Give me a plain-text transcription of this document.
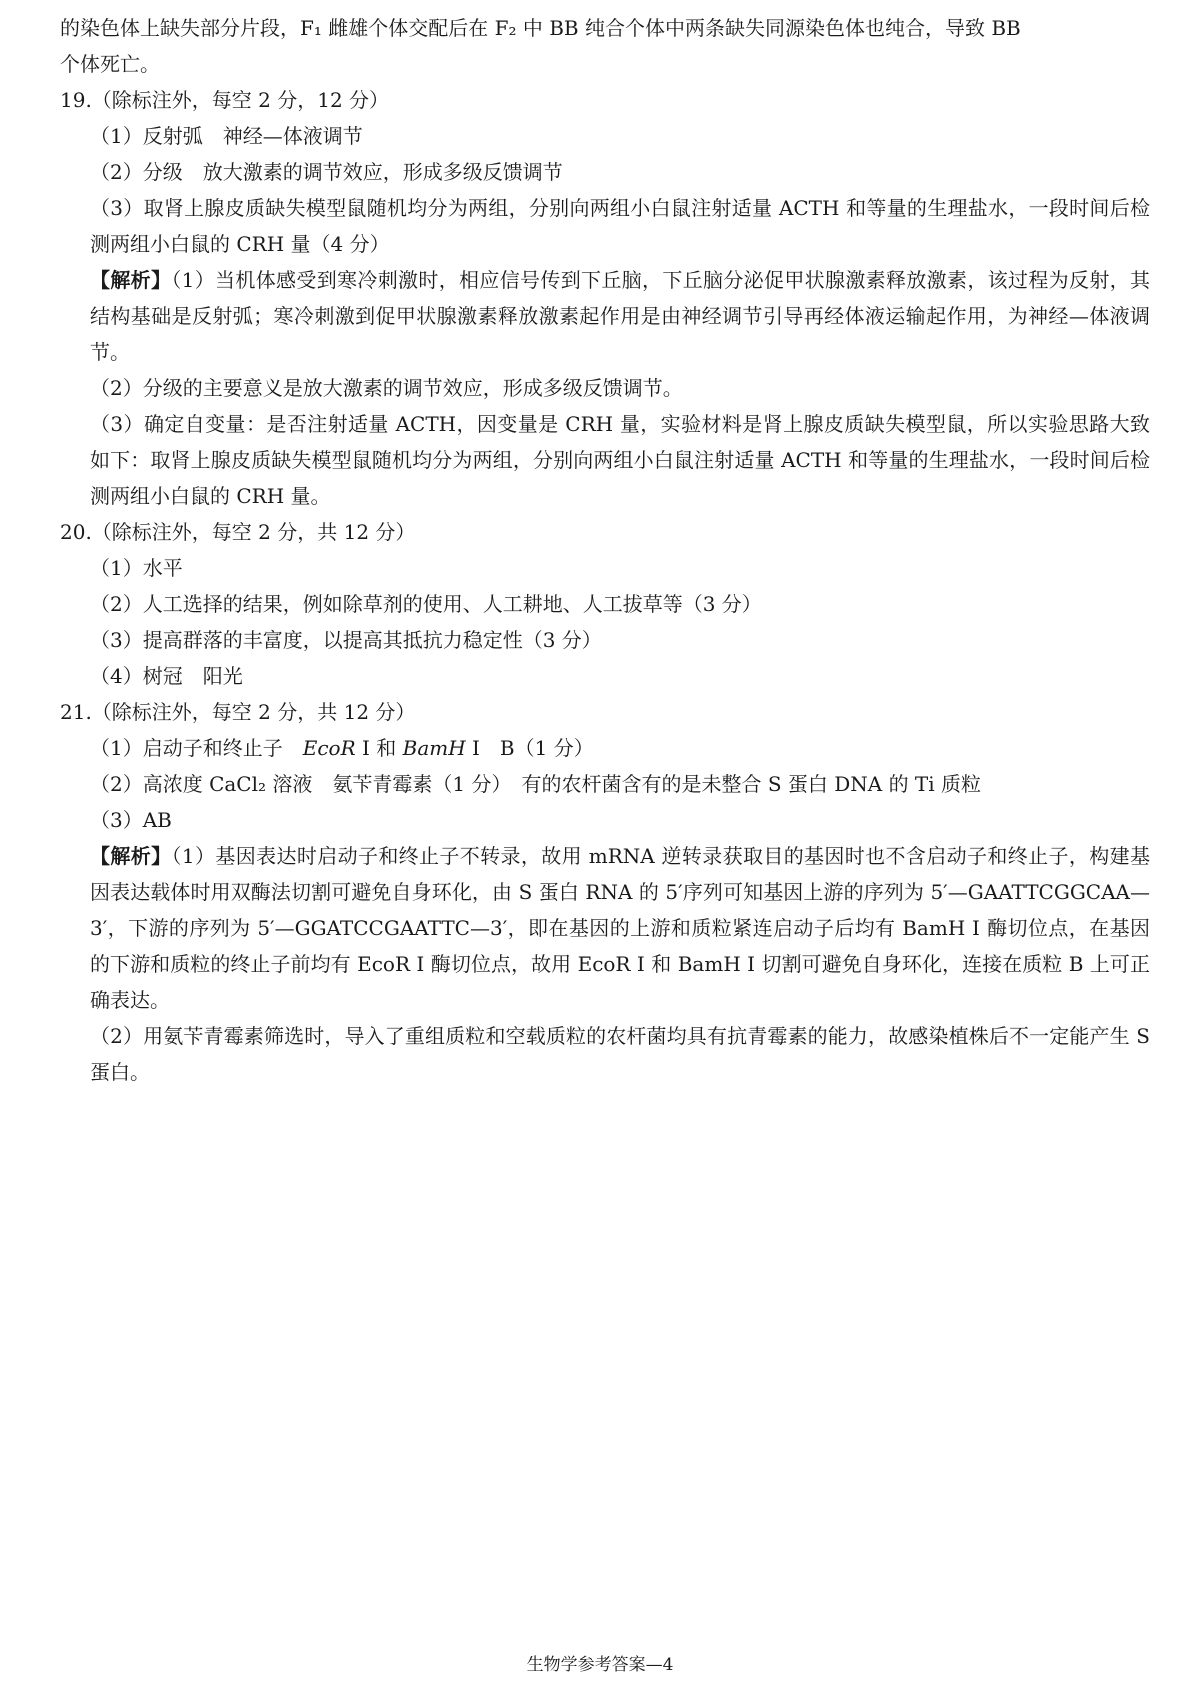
的染色体上缺失部分片段，F₁ 雌雄个体交配后在 F₂ 中 BB 纯合个体中两条缺失同源染色体也纯合，导致 BB
个体死亡。
19.（除标注外，每空 2 分，12 分）
（1）反射弧　神经—体液调节
（2）分级　放大激素的调节效应，形成多级反馈调节
（3）取肾上腺皮质缺失模型鼠随机均分为两组，分别向两组小白鼠注射适量 ACTH 和等量的生理盐水，一段时间后检测两组小白鼠的 CRH 量（4 分）
【解析】（1）当机体感受到寒冷刺激时，相应信号传到下丘脑，下丘脑分泌促甲状腺激素释放激素，该过程为反射，其结构基础是反射弧；寒冷刺激到促甲状腺激素释放激素起作用是由神经调节引导再经体液运输起作用，为神经—体液调节。
（2）分级的主要意义是放大激素的调节效应，形成多级反馈调节。
（3）确定自变量：是否注射适量 ACTH，因变量是 CRH 量，实验材料是肾上腺皮质缺失模型鼠，所以实验思路大致如下：取肾上腺皮质缺失模型鼠随机均分为两组，分别向两组小白鼠注射适量 ACTH 和等量的生理盐水，一段时间后检测两组小白鼠的 CRH 量。
20.（除标注外，每空 2 分，共 12 分）
（1）水平
（2）人工选择的结果，例如除草剂的使用、人工耕地、人工拔草等（3 分）
（3）提高群落的丰富度，以提高其抵抗力稳定性（3 分）
（4）树冠　阳光
21.（除标注外，每空 2 分，共 12 分）
（1）启动子和终止子　EcoR Ⅰ 和 BamH Ⅰ　B（1 分）
（2）高浓度 CaCl₂ 溶液　氨苄青霉素（1 分）　有的农杆菌含有的是未整合 S 蛋白 DNA 的 Ti 质粒
（3）AB
【解析】（1）基因表达时启动子和终止子不转录，故用 mRNA 逆转录获取目的基因时也不含启动子和终止子，构建基因表达载体时用双酶法切割可避免自身环化，由 S 蛋白 RNA 的 5′序列可知基因上游的序列为 5′—GAATTCGGCAA—3′，下游的序列为 5′—GGATCCGAATTC—3′，即在基因的上游和质粒紧连启动子后均有 BamH Ⅰ 酶切位点，在基因的下游和质粒的终止子前均有 EcoR Ⅰ 酶切位点，故用 EcoR Ⅰ 和 BamH Ⅰ 切割可避免自身环化，连接在质粒 B 上可正确表达。
（2）用氨苄青霉素筛选时，导入了重组质粒和空载质粒的农杆菌均具有抗青霉素的能力，故感染植株后不一定能产生 S 蛋白。
生物学参考答案—4
